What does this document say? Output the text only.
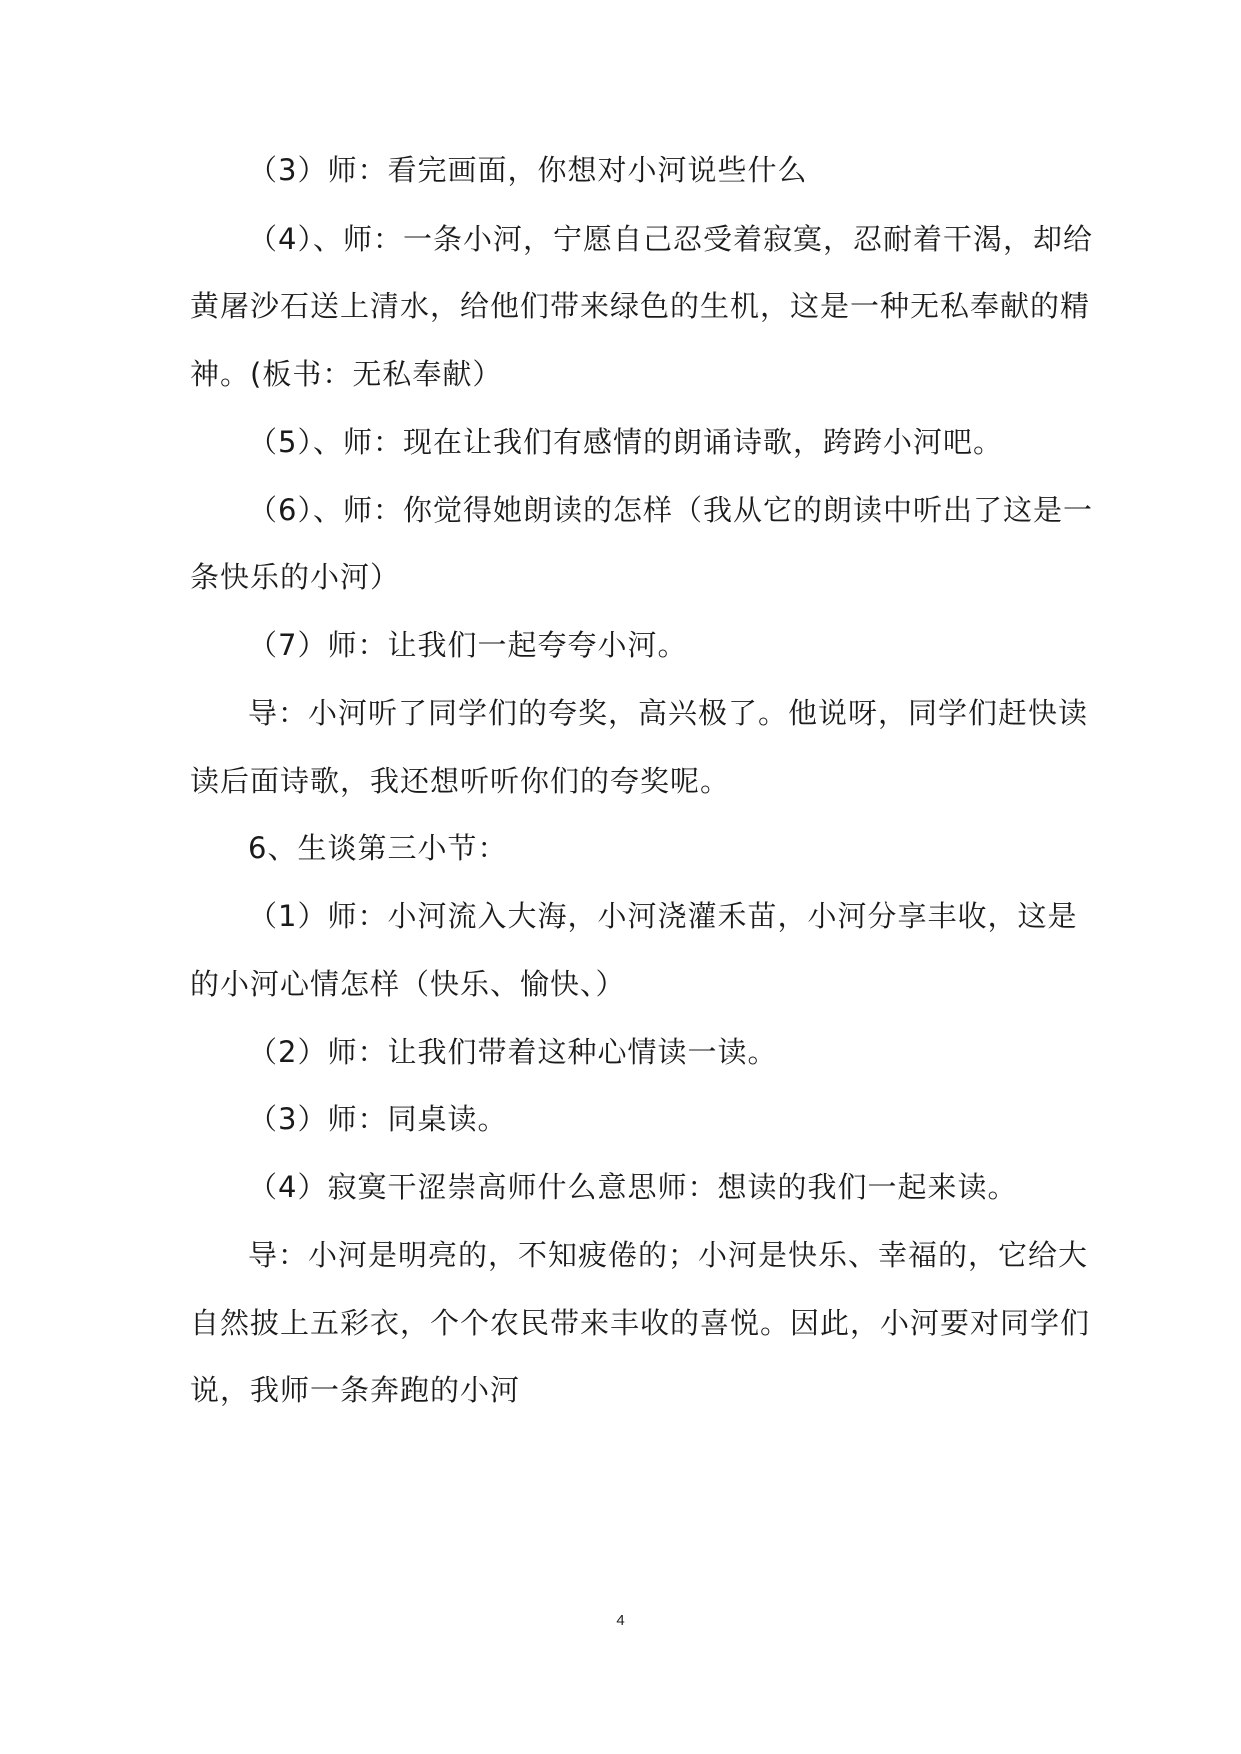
（3）师：看完画面，你想对小河说些什么
（4）、师：一条小河，宁愿自己忍受着寂寞，忍耐着干渴，却给
黄屠沙石送上清水，给他们带来绿色的生机，这是一种无私奉献的精
神。(板书：无私奉献）
（5）、师：现在让我们有感情的朗诵诗歌，跨跨小河吧。
（6）、师：你觉得她朗读的怎样（我从它的朗读中听出了这是一
条快乐的小河）
（7）师：让我们一起夸夸小河。
导：小河听了同学们的夸奖，高兴极了。他说呀，同学们赶快读
读后面诗歌，我还想听听你们的夸奖呢。
6、生谈第三小节：
（1）师：小河流入大海，小河浇灌禾苗，小河分享丰收，这是
的小河心情怎样（快乐、愉快、）
（2）师：让我们带着这种心情读一读。
（3）师：同桌读。
（4）寂寞干涩崇高师什么意思师：想读的我们一起来读。
导：小河是明亮的，不知疲倦的；小河是快乐、幸福的，它给大
自然披上五彩衣，个个农民带来丰收的喜悦。因此，小河要对同学们
说，我师一条奔跑的小河
4
